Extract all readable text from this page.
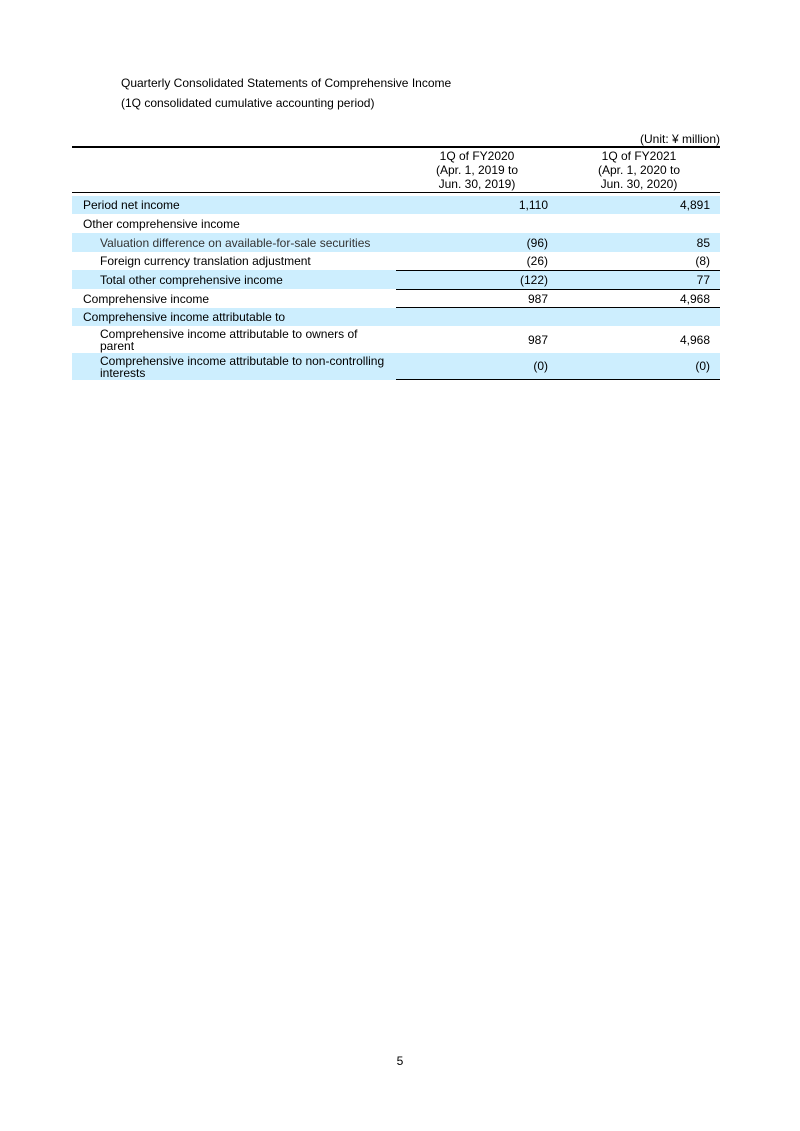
Quarterly Consolidated Statements of Comprehensive Income
(1Q consolidated cumulative accounting period)
(Unit: ¥ million)
1Q of FY2020
(Apr. 1, 2019 to
Jun. 30, 2019)
1Q of FY2021
(Apr. 1, 2020 to
Jun. 30, 2020)
Period net income	1,110	4,891
Other comprehensive income
Valuation difference on available-for-sale securities	(96)	85
Foreign currency translation adjustment	(26)	(8)
Total other comprehensive income	(122)	77
Comprehensive income	987	4,968
Comprehensive income attributable to
Comprehensive income attributable to owners of
parent	987	4,968
Comprehensive income attributable to non-controlling
interests	(0)	(0)
5
